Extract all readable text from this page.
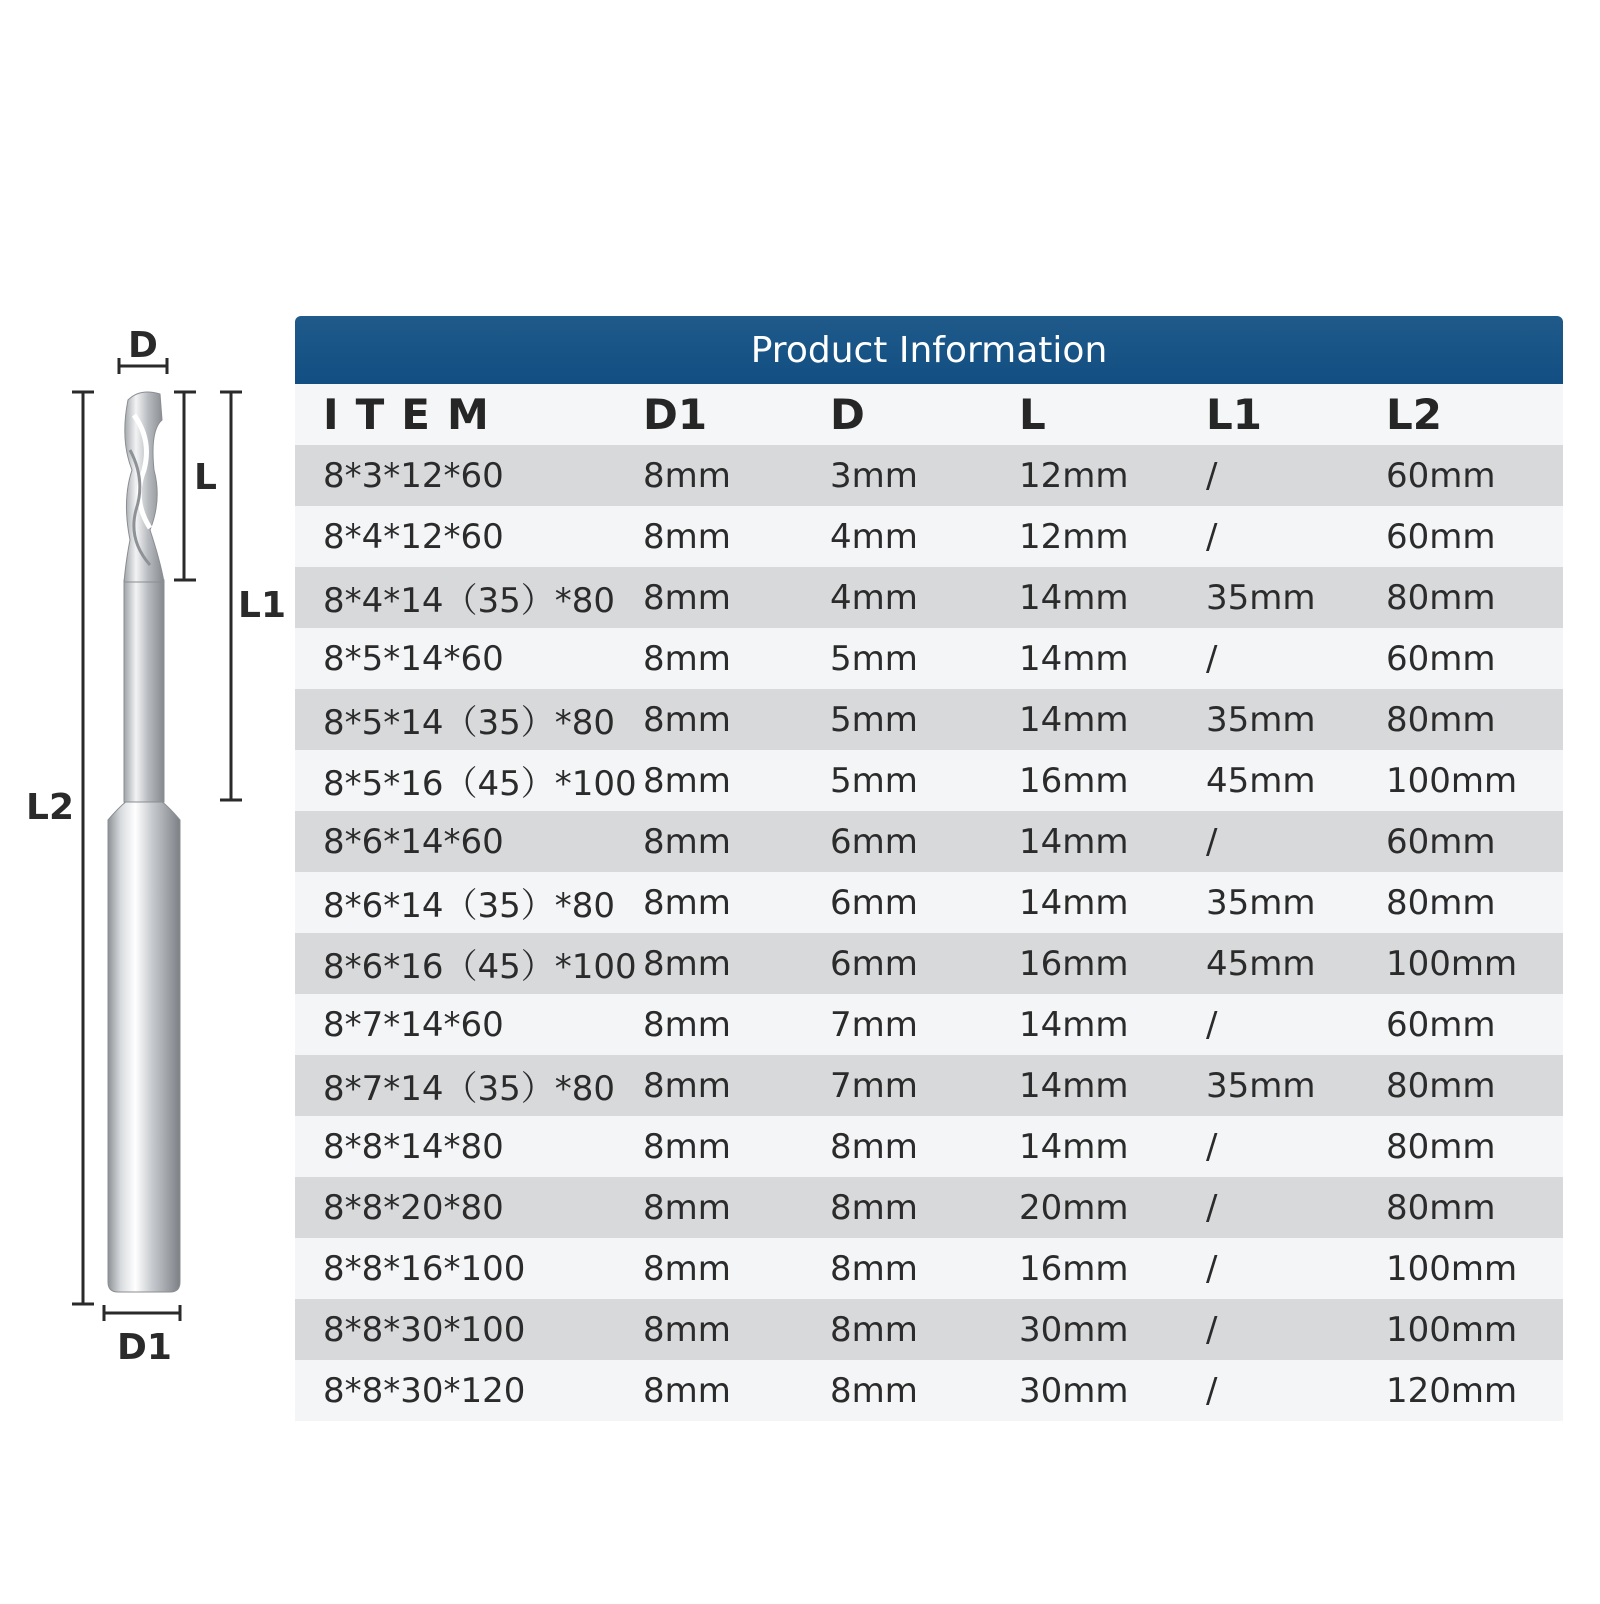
D
L
L1
L2
D1
Product Information
ITEM	D1	D	L	L1	L2
8*3*12*60	8mm	3mm	12mm	/	60mm
8*4*12*60	8mm	4mm	12mm	/	60mm
8*4*14（35）*80 8mm	4mm	14mm	35mm	80mm
8*5*14*60	8mm	5mm	14mm	/	60mm
8*5*14（35）*80 8mm	5mm	14mm	35mm	80mm
8*5*16（45）*100 8mm	5mm	16mm	45mm	100mm
8*6*14*60	8mm	6mm	14mm	/	60mm
8*6*14（35）*80 8mm	6mm	14mm	35mm	80mm
8*6*16（45）*100 8mm	6mm	16mm	45mm	100mm
8*7*14*60	8mm	7mm	14mm	/	60mm
8*7*14（35）*80 8mm	7mm	14mm	35mm	80mm
8*8*14*80	8mm	8mm	14mm	/	80mm
8*8*20*80	8mm	8mm	20mm	/	80mm
8*8*16*100	8mm	8mm	16mm	/	100mm
8*8*30*100	8mm	8mm	30mm	/	100mm
8*8*30*120	8mm	8mm	30mm	/	120mm
